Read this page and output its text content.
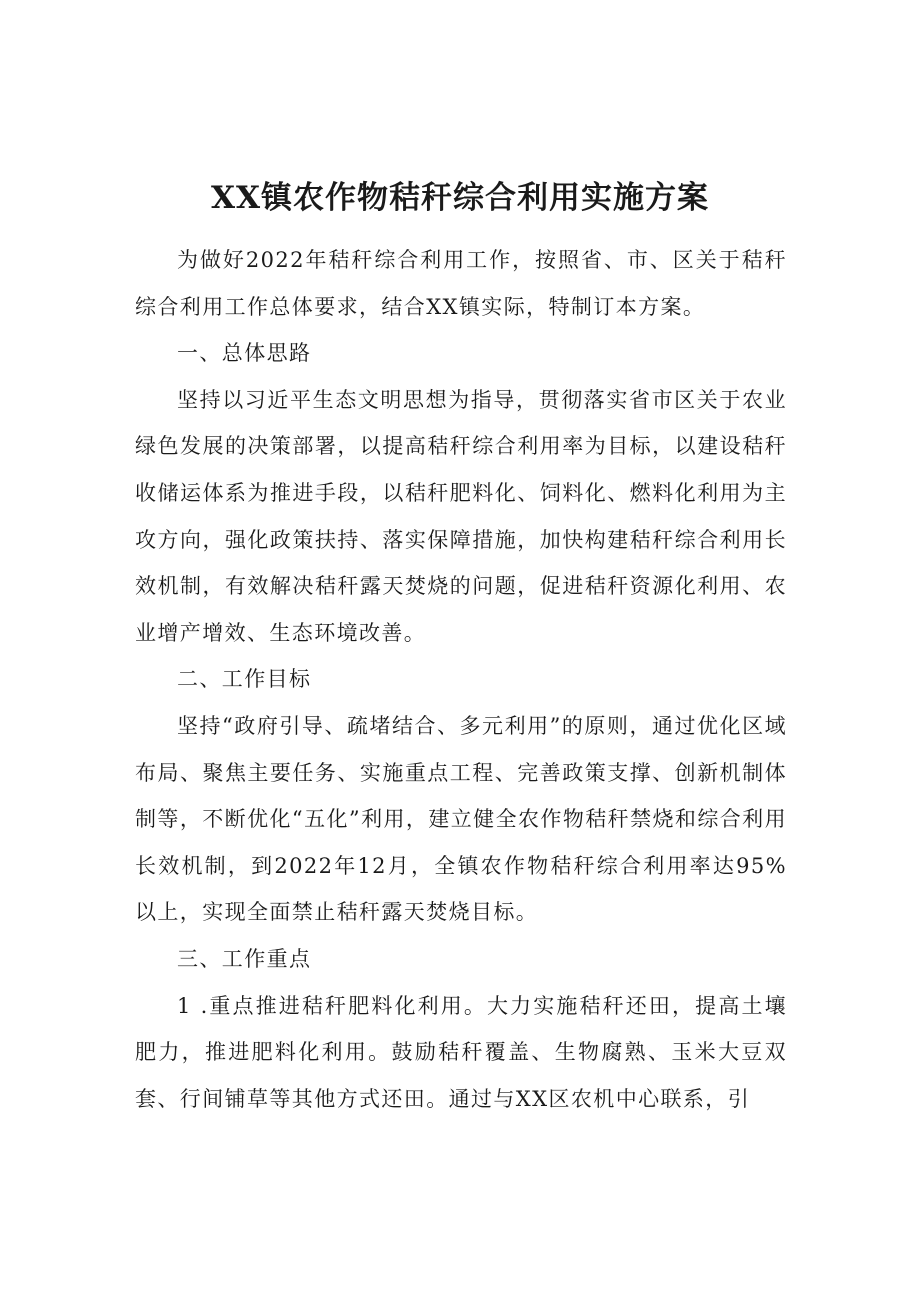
XX镇农作物秸秆综合利用实施方案

为做好2022年秸秆综合利用工作，按照省、市、区关于秸秆综合利用工作总体要求，结合XX镇实际，特制订本方案。

一、总体思路

坚持以习近平生态文明思想为指导，贯彻落实省市区关于农业绿色发展的决策部署，以提高秸秆综合利用率为目标，以建设秸秆收储运体系为推进手段，以秸秆肥料化、饲料化、燃料化利用为主攻方向，强化政策扶持、落实保障措施，加快构建秸秆综合利用长效机制，有效解决秸秆露天焚烧的问题，促进秸秆资源化利用、农业增产增效、生态环境改善。

二、工作目标

坚持“政府引导、疏堵结合、多元利用”的原则，通过优化区域布局、聚焦主要任务、实施重点工程、完善政策支撑、创新机制体制等，不断优化“五化”利用，建立健全农作物秸秆禁烧和综合利用长效机制，到2022年12月，全镇农作物秸秆综合利用率达95%以上，实现全面禁止秸秆露天焚烧目标。

三、工作重点

1 .重点推进秸秆肥料化利用。大力实施秸秆还田，提高土壤肥力，推进肥料化利用。鼓励秸秆覆盖、生物腐熟、玉米大豆双套、行间铺草等其他方式还田。通过与XX区农机中心联系，引
